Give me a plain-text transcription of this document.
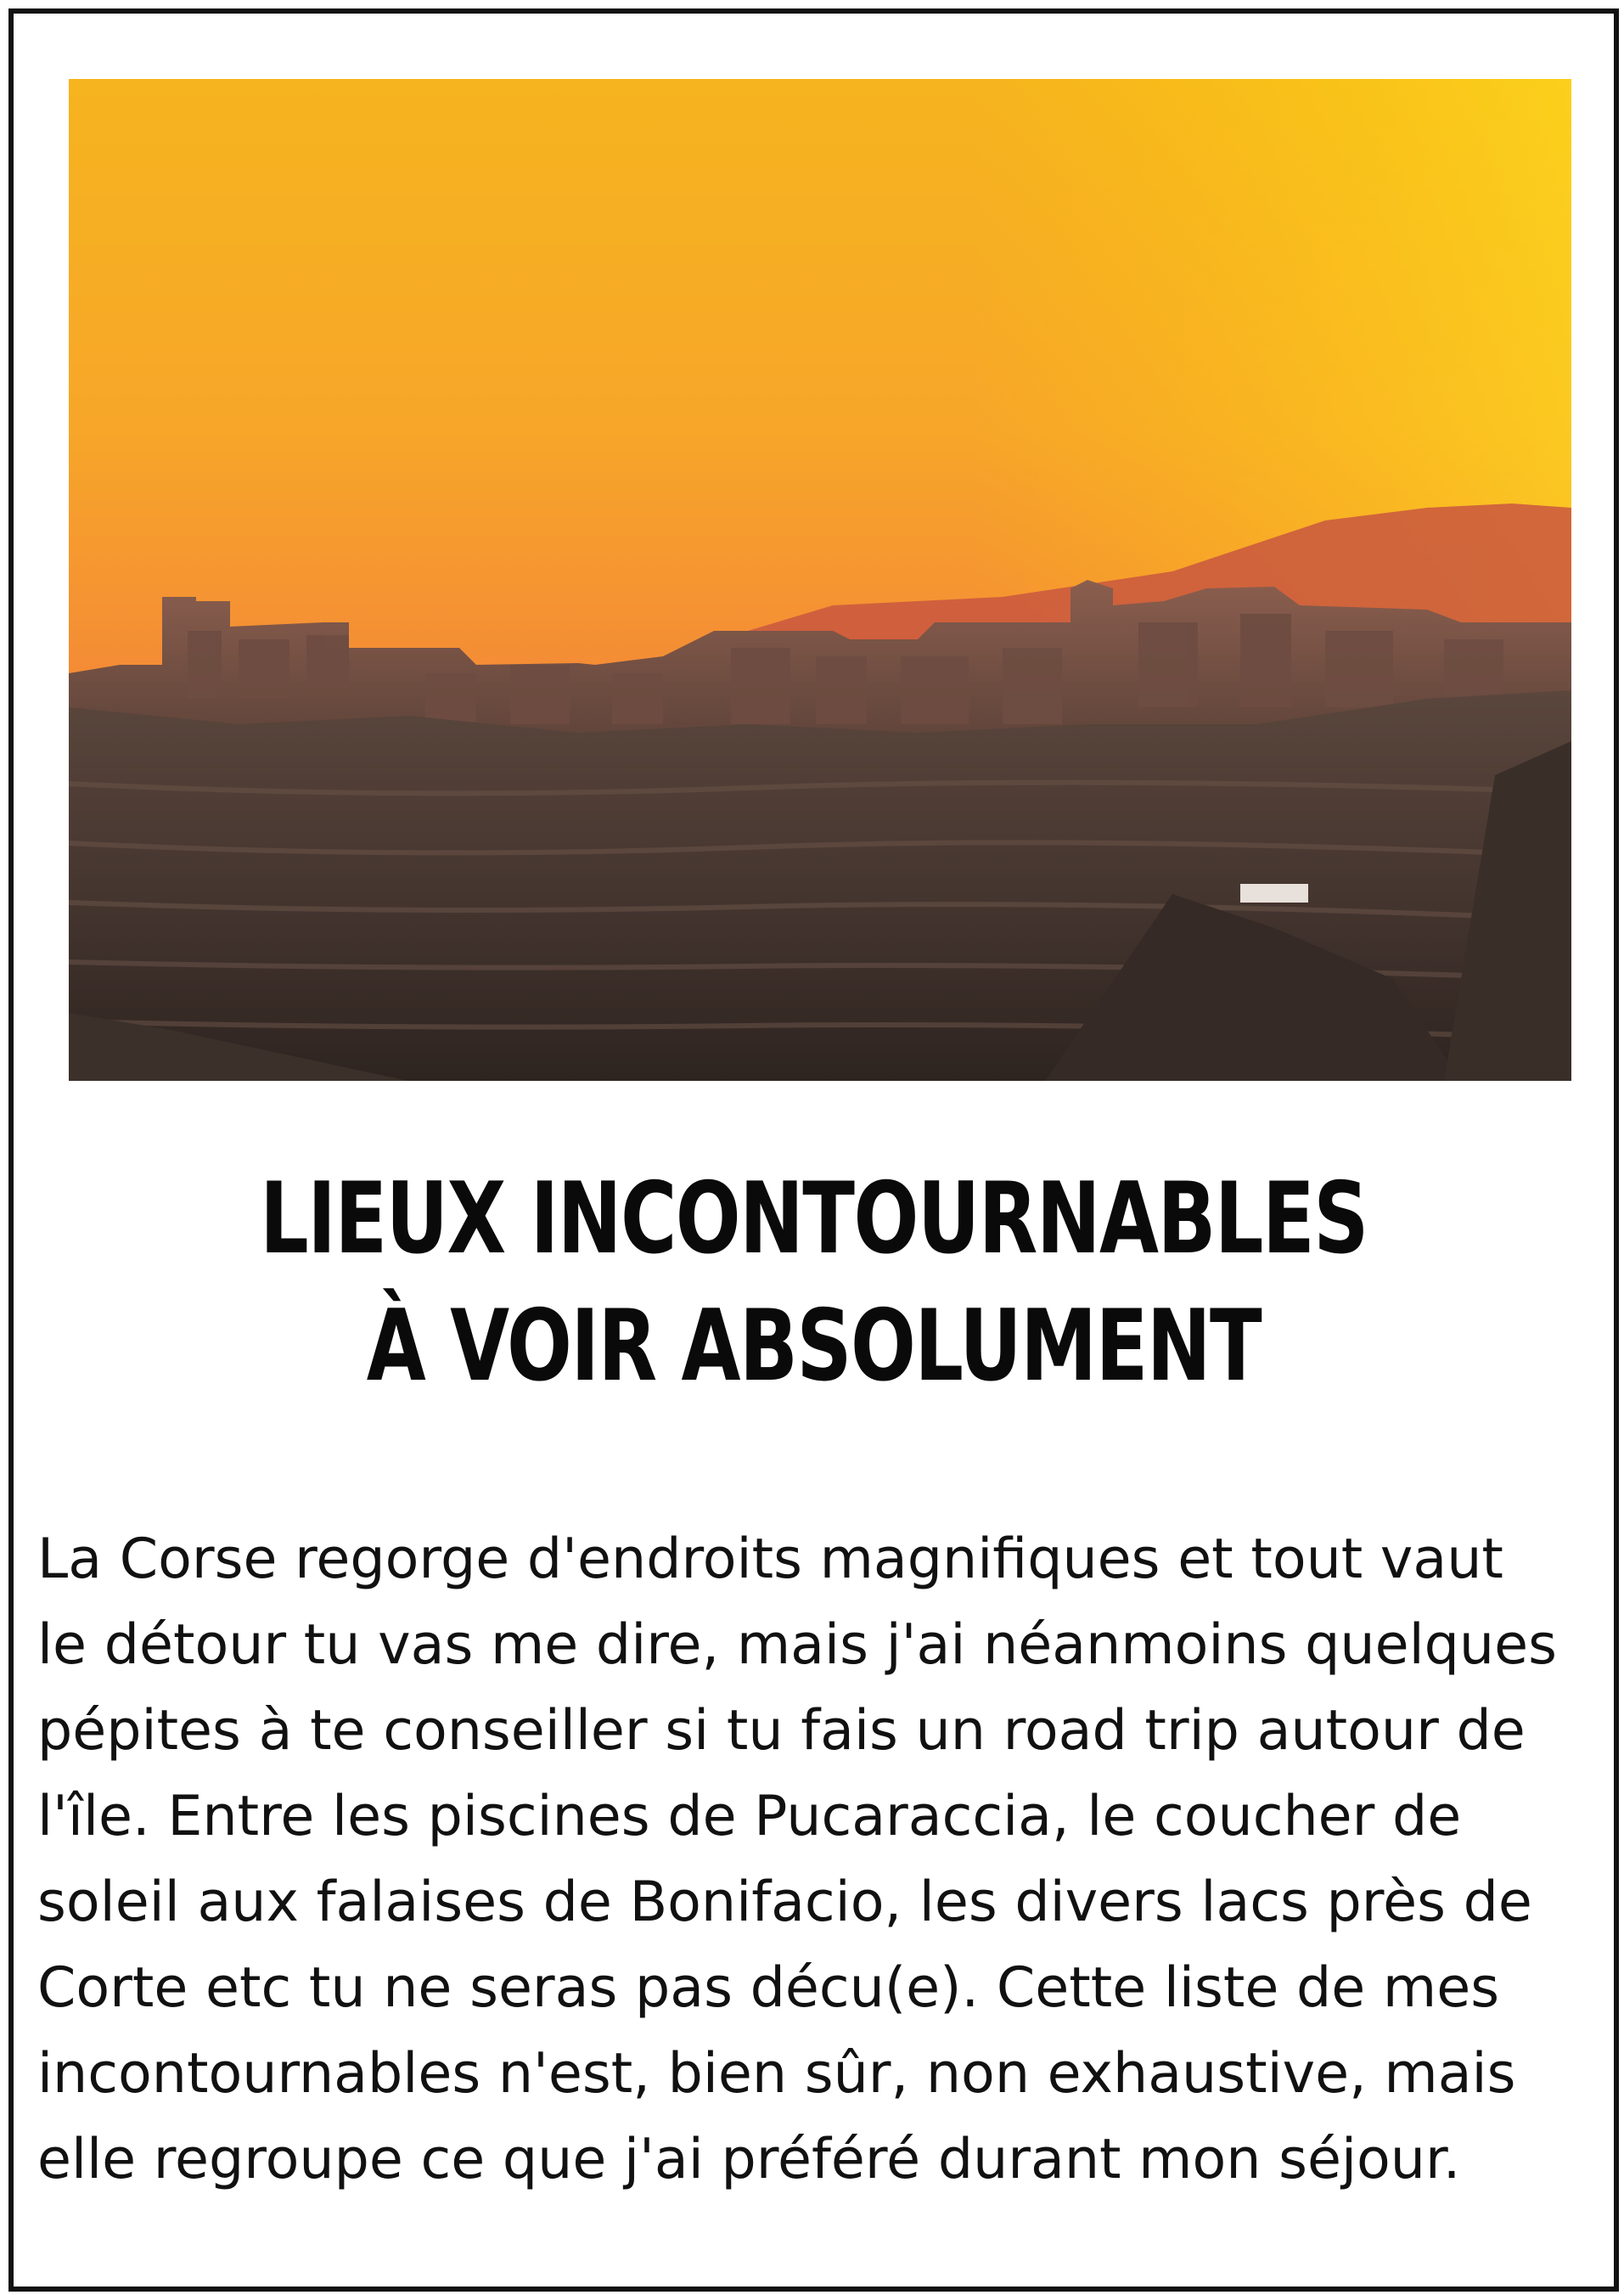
LIEUX INCONTOURNABLES
À VOIR ABSOLUMENT
La Corse regorge d'endroits magnifiques et tout vaut
le détour tu vas me dire, mais j'ai néanmoins quelques
pépites à te conseiller si tu fais un road trip autour de
l'île. Entre les piscines de Pucaraccia, le coucher de
soleil aux falaises de Bonifacio, les divers lacs près de
Corte etc tu ne seras pas décu(e). Cette liste de mes
incontournables n'est, bien sûr, non exhaustive, mais
elle regroupe ce que j'ai préféré durant mon séjour.
